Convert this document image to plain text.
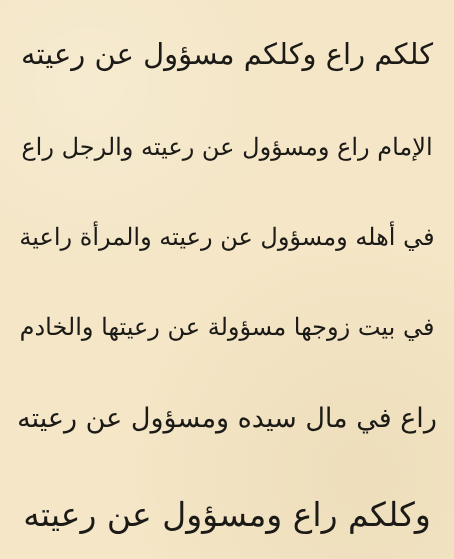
كلكم راع وكلكم مسؤول عن رعيته
الإمام راع ومسؤول عن رعيته والرجل راع
في أهله ومسؤول عن رعيته والمرأة راعية
في بيت زوجها مسؤولة عن رعيتها والخادم
راع في مال سيده ومسؤول عن رعيته
وكلكم راع ومسؤول عن رعيته
